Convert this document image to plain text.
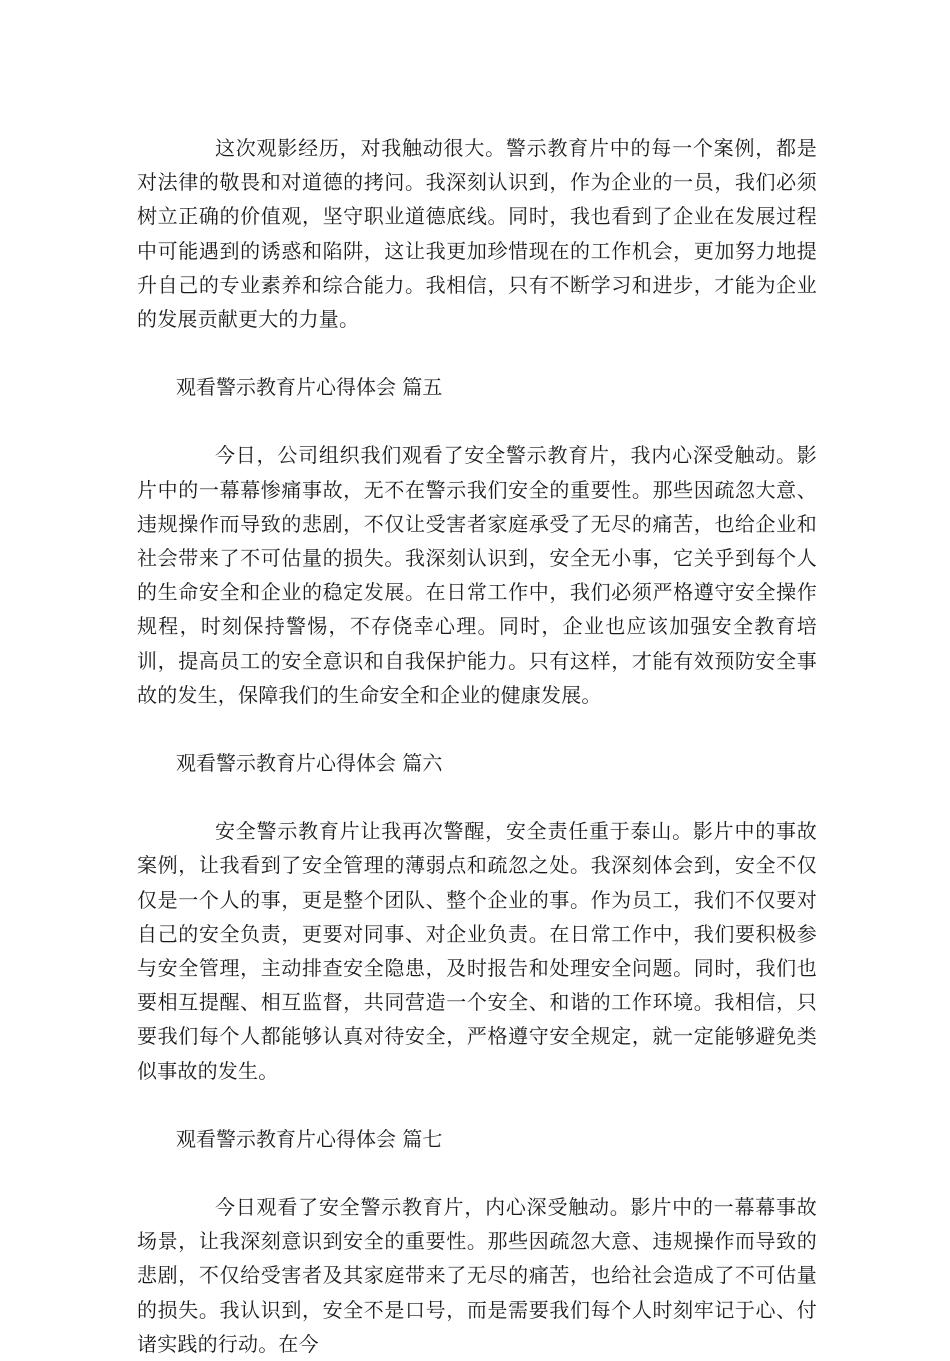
这次观影经历，对我触动很大。警示教育片中的每一个案例，都是对法律的敬畏和对道德的拷问。我深刻认识到，作为企业的一员，我们必须树立正确的价值观，坚守职业道德底线。同时，我也看到了企业在发展过程中可能遇到的诱惑和陷阱，这让我更加珍惜现在的工作机会，更加努力地提升自己的专业素养和综合能力。我相信，只有不断学习和进步，才能为企业的发展贡献更大的力量。

观看警示教育片心得体会 篇五

今日，公司组织我们观看了安全警示教育片，我内心深受触动。影片中的一幕幕惨痛事故，无不在警示我们安全的重要性。那些因疏忽大意、违规操作而导致的悲剧，不仅让受害者家庭承受了无尽的痛苦，也给企业和社会带来了不可估量的损失。我深刻认识到，安全无小事，它关乎到每个人的生命安全和企业的稳定发展。在日常工作中，我们必须严格遵守安全操作规程，时刻保持警惕，不存侥幸心理。同时，企业也应该加强安全教育培训，提高员工的安全意识和自我保护能力。只有这样，才能有效预防安全事故的发生，保障我们的生命安全和企业的健康发展。

观看警示教育片心得体会 篇六

安全警示教育片让我再次警醒，安全责任重于泰山。影片中的事故案例，让我看到了安全管理的薄弱点和疏忽之处。我深刻体会到，安全不仅仅是一个人的事，更是整个团队、整个企业的事。作为员工，我们不仅要对自己的安全负责，更要对同事、对企业负责。在日常工作中，我们要积极参与安全管理，主动排查安全隐患，及时报告和处理安全问题。同时，我们也要相互提醒、相互监督，共同营造一个安全、和谐的工作环境。我相信，只要我们每个人都能够认真对待安全，严格遵守安全规定，就一定能够避免类似事故的发生。

观看警示教育片心得体会 篇七

今日观看了安全警示教育片，内心深受触动。影片中的一幕幕事故场景，让我深刻意识到安全的重要性。那些因疏忽大意、违规操作而导致的悲剧，不仅给受害者及其家庭带来了无尽的痛苦，也给社会造成了不可估量的损失。我认识到，安全不是口号，而是需要我们每个人时刻牢记于心、付诸实践的行动。在今
